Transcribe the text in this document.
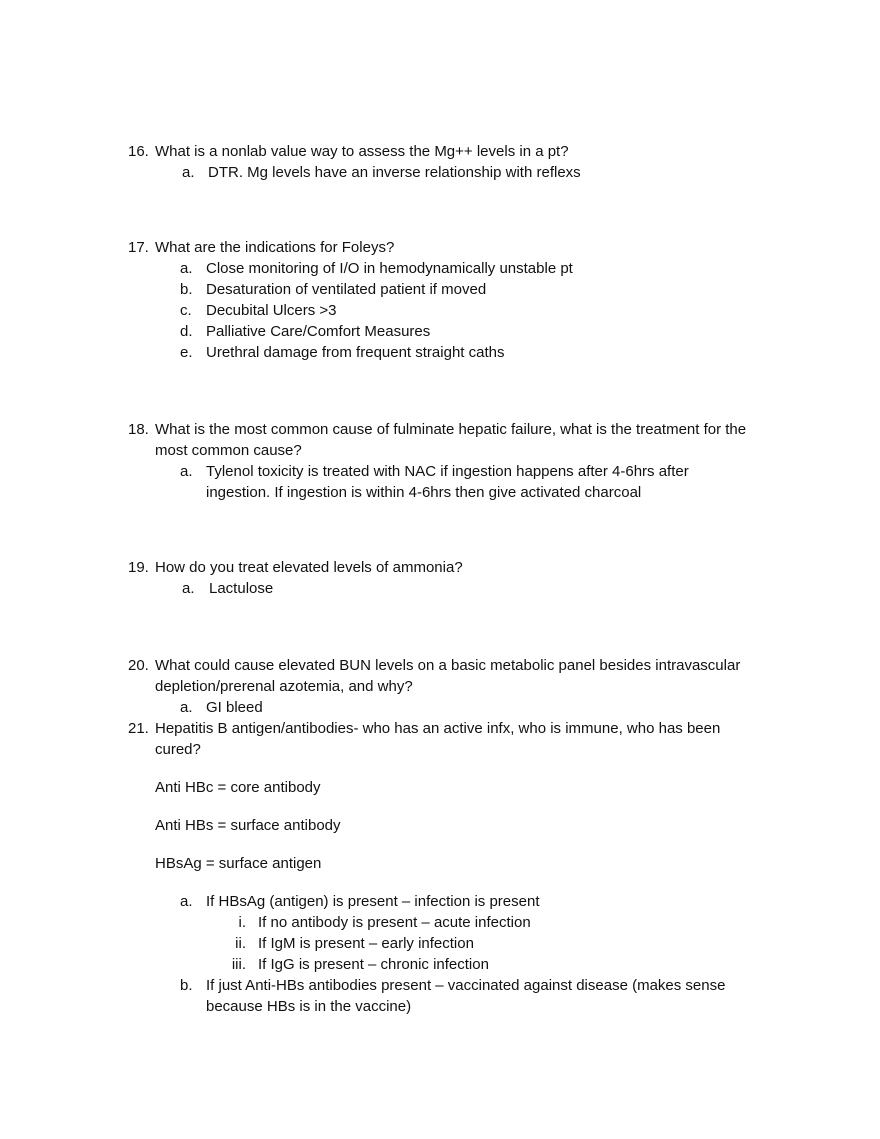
16. What is a nonlab value way to assess the Mg++ levels in a pt?
a. DTR. Mg levels have an inverse relationship with reflexs
17. What are the indications for Foleys?
a. Close monitoring of I/O in hemodynamically unstable pt
b. Desaturation of ventilated patient if moved
c. Decubital Ulcers >3
d. Palliative Care/Comfort Measures
e. Urethral damage from frequent straight caths
18. What is the most common cause of fulminate hepatic failure, what is the treatment for the most common cause?
a. Tylenol toxicity is treated with NAC if ingestion happens after 4-6hrs after ingestion. If ingestion is within 4-6hrs then give activated charcoal
19. How do you treat elevated levels of ammonia?
a. Lactulose
20. What could cause elevated BUN levels on a basic metabolic panel besides intravascular depletion/prerenal azotemia, and why?
a. GI bleed
21. Hepatitis B antigen/antibodies- who has an active infx, who is immune, who has been cured?
Anti HBc = core antibody
Anti HBs = surface antibody
HBsAg = surface antigen
a. If HBsAg (antigen) is present – infection is present
i. If no antibody is present – acute infection
ii. If IgM is present – early infection
iii. If IgG is present – chronic infection
b. If just Anti-HBs antibodies present – vaccinated against disease (makes sense because HBs is in the vaccine)
